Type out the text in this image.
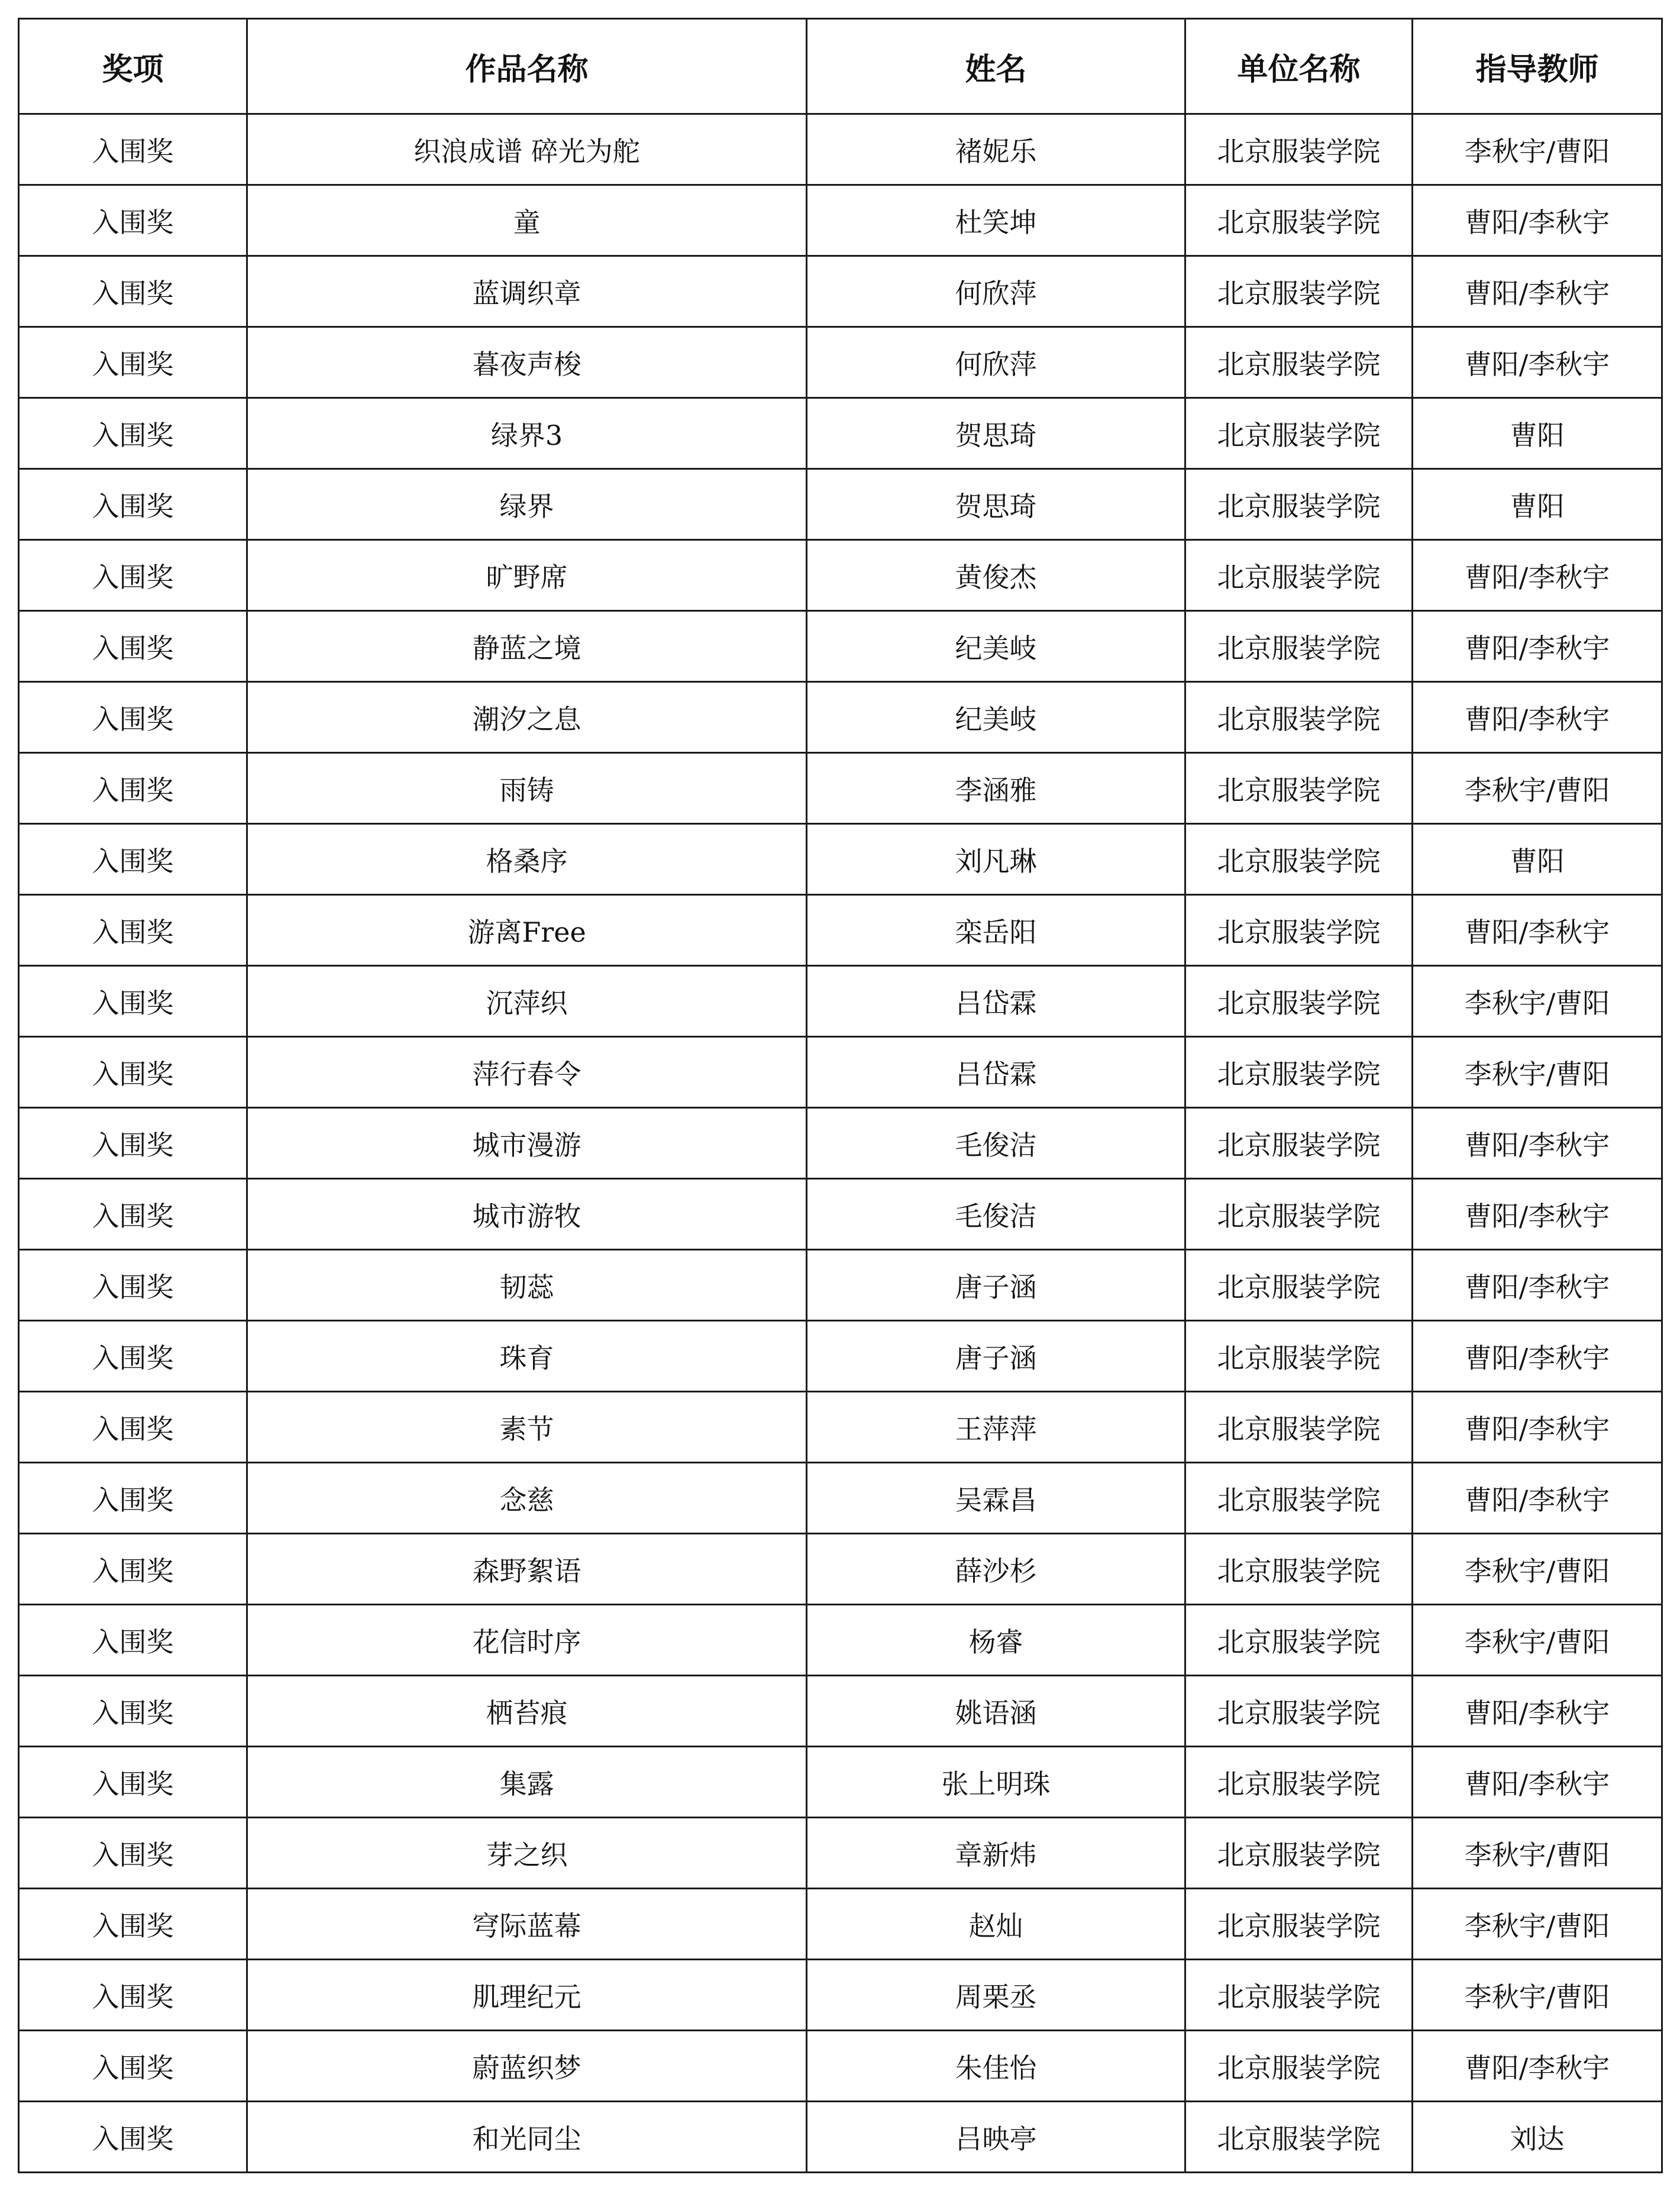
奖项	作品名称	姓名	单位名称	指导教师
入围奖	织浪成谱 碎光为舵	褚妮乐	北京服装学院	李秋宇/曹阳
入围奖	童	杜笑坤	北京服装学院	曹阳/李秋宇
入围奖	蓝调织章	何欣萍	北京服装学院	曹阳/李秋宇
入围奖	暮夜声梭	何欣萍	北京服装学院	曹阳/李秋宇
入围奖	绿界3	贺思琦	北京服装学院	曹阳
入围奖	绿界	贺思琦	北京服装学院	曹阳
入围奖	旷野席	黄俊杰	北京服装学院	曹阳/李秋宇
入围奖	静蓝之境	纪美岐	北京服装学院	曹阳/李秋宇
入围奖	潮汐之息	纪美岐	北京服装学院	曹阳/李秋宇
入围奖	雨铸	李涵雅	北京服装学院	李秋宇/曹阳
入围奖	格桑序	刘凡琳	北京服装学院	曹阳
入围奖	游离Free	栾岳阳	北京服装学院	曹阳/李秋宇
入围奖	沉萍织	吕岱霖	北京服装学院	李秋宇/曹阳
入围奖	萍行春令	吕岱霖	北京服装学院	李秋宇/曹阳
入围奖	城市漫游	毛俊洁	北京服装学院	曹阳/李秋宇
入围奖	城市游牧	毛俊洁	北京服装学院	曹阳/李秋宇
入围奖	韧蕊	唐子涵	北京服装学院	曹阳/李秋宇
入围奖	珠育	唐子涵	北京服装学院	曹阳/李秋宇
入围奖	素节	王萍萍	北京服装学院	曹阳/李秋宇
入围奖	念慈	吴霖昌	北京服装学院	曹阳/李秋宇
入围奖	森野絮语	薛沙杉	北京服装学院	李秋宇/曹阳
入围奖	花信时序	杨睿	北京服装学院	李秋宇/曹阳
入围奖	栖苔痕	姚语涵	北京服装学院	曹阳/李秋宇
入围奖	集露	张上明珠	北京服装学院	曹阳/李秋宇
入围奖	芽之织	章新炜	北京服装学院	李秋宇/曹阳
入围奖	穹际蓝幕	赵灿	北京服装学院	李秋宇/曹阳
入围奖	肌理纪元	周栗丞	北京服装学院	李秋宇/曹阳
入围奖	蔚蓝织梦	朱佳怡	北京服装学院	曹阳/李秋宇
入围奖	和光同尘	吕映亭	北京服装学院	刘达
